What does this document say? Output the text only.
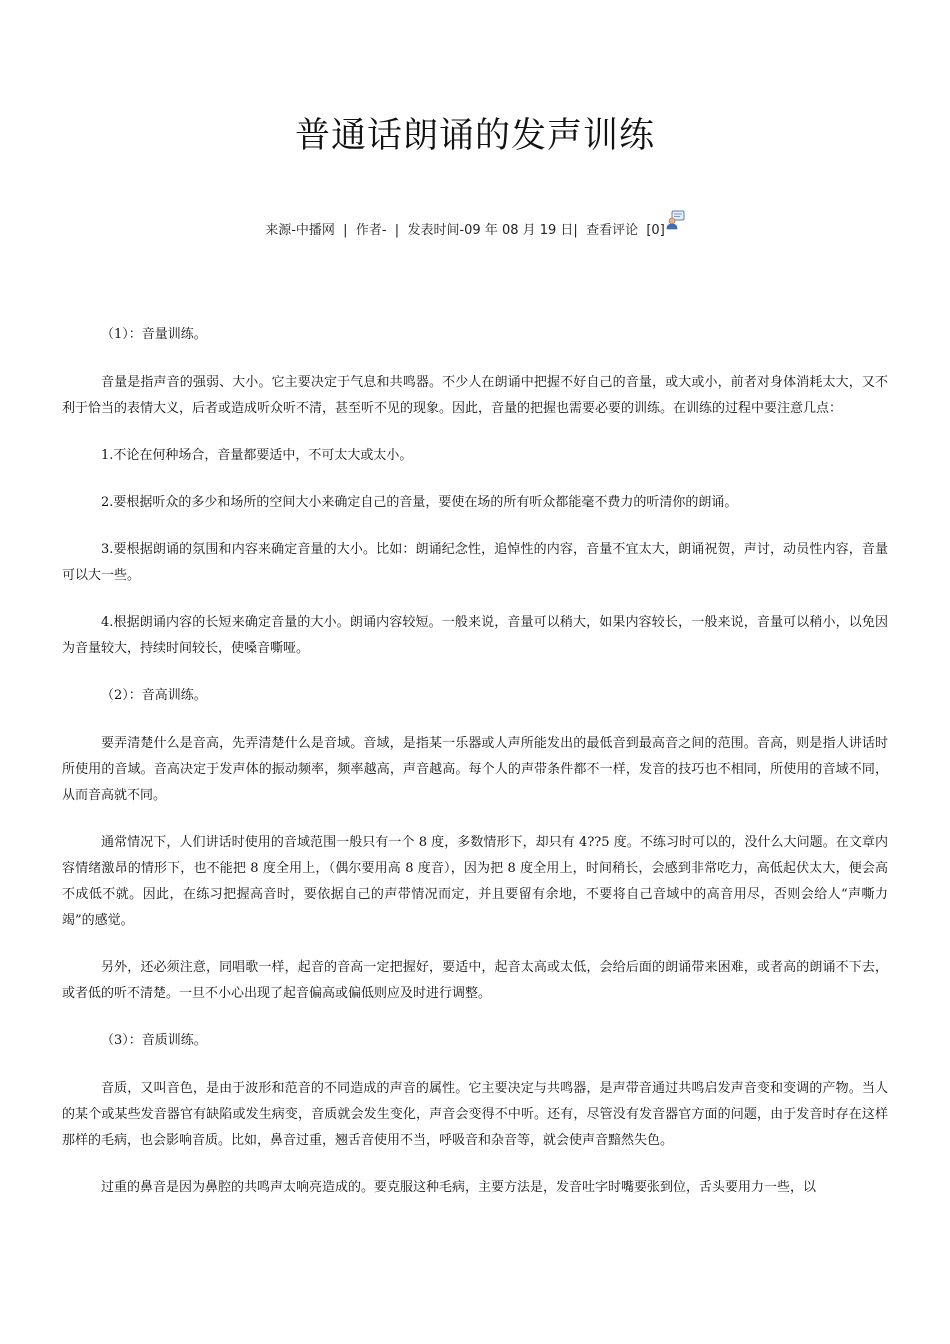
普通话朗诵的发声训练
来源-中播网 | 作者- | 发表时间-09 年 08 月 19 日| 查看评论 [0]

（1）：音量训练。

音量是指声音的强弱、大小。它主要决定于气息和共鸣器。不少人在朗诵中把握不好自己的音量，或大或小，前者对身体消耗太大，又不利于恰当的表情大义，后者或造成听众听不清，甚至听不见的现象。因此，音量的把握也需要必要的训练。在训练的过程中要注意几点：

1.不论在何种场合，音量都要适中，不可太大或太小。

2.要根据听众的多少和场所的空间大小来确定自己的音量，要使在场的所有听众都能毫不费力的听清你的朗诵。

3.要根据朗诵的氛围和内容来确定音量的大小。比如：朗诵纪念性，追悼性的内容，音量不宜太大，朗诵祝贺，声讨，动员性内容，音量可以大一些。

4.根据朗诵内容的长短来确定音量的大小。朗诵内容较短。一般来说，音量可以稍大，如果内容较长，一般来说，音量可以稍小，以免因为音量较大，持续时间较长，使嗓音嘶哑。

（2）：音高训练。

要弄清楚什么是音高，先弄清楚什么是音域。音域，是指某一乐器或人声所能发出的最低音到最高音之间的范围。音高，则是指人讲话时所使用的音域。音高决定于发声体的振动频率，频率越高，声音越高。每个人的声带条件都不一样，发音的技巧也不相同，所使用的音域不同，从而音高就不同。

通常情况下，人们讲话时使用的音域范围一般只有一个 8 度，多数情形下，却只有 4??5 度。不练习时可以的，没什么大问题。在文章内容情绪激昂的情形下，也不能把 8 度全用上，（偶尔要用高 8 度音），因为把 8 度全用上，时间稍长，会感到非常吃力，高低起伏太大，便会高不成低不就。因此，在练习把握高音时，要依据自己的声带情况而定，并且要留有余地，不要将自己音域中的高音用尽，否则会给人“声嘶力竭”的感觉。

另外，还必须注意，同唱歌一样，起音的音高一定把握好，要适中，起音太高或太低，会给后面的朗诵带来困难，或者高的朗诵不下去，或者低的听不清楚。一旦不小心出现了起音偏高或偏低则应及时进行调整。

（3）：音质训练。

音质，又叫音色，是由于波形和范音的不同造成的声音的属性。它主要决定与共鸣器，是声带音通过共鸣启发声音变和变调的产物。当人的某个或某些发音器官有缺陷或发生病变，音质就会发生变化，声音会变得不中听。还有，尽管没有发音器官方面的问题，由于发音时存在这样那样的毛病，也会影响音质。比如，鼻音过重，翘舌音使用不当，呼吸音和杂音等，就会使声音黯然失色。

过重的鼻音是因为鼻腔的共鸣声太响亮造成的。要克服这种毛病，主要方法是，发音吐字时嘴要张到位，舌头要用力一些，以
